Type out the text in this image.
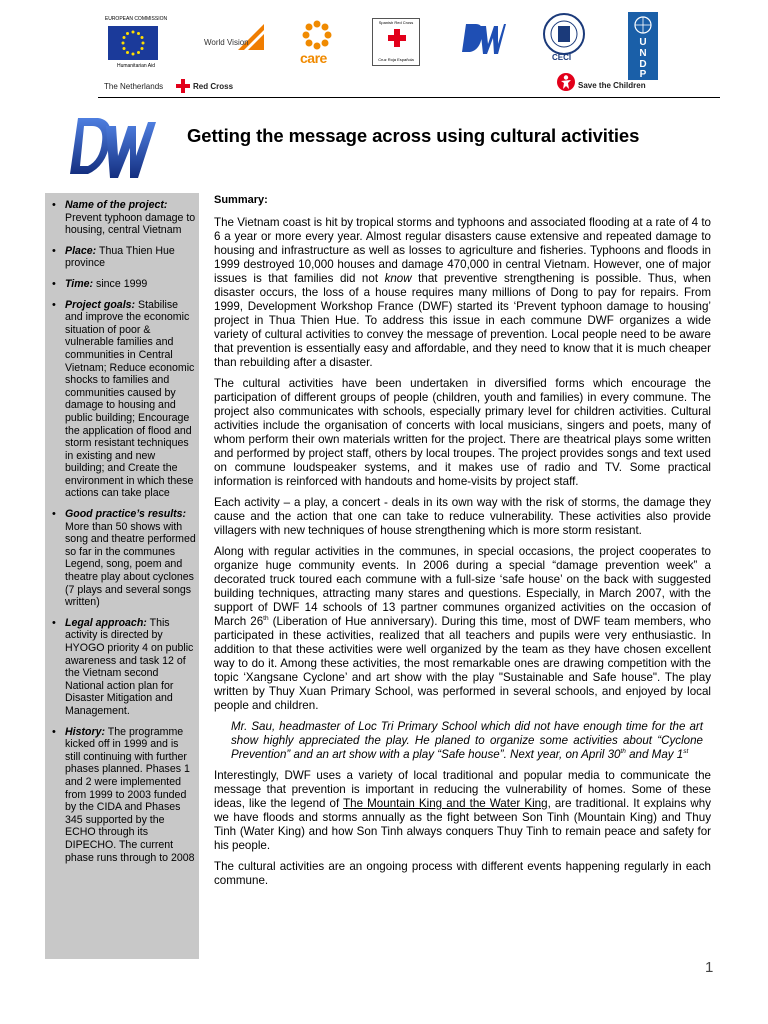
EUROPEAN COMMISSION
Humanitarian Aid
World Vision
care
Spanish Red Cross
Cruz Roja Española	CECI
U
N
D
P
The Netherlands	Red Cross	Save the Children
Getting the message across using cultural activities
• Name of the project: Prevent typhoon damage to housing, central Vietnam
• Place: Thua Thien Hue province
• Time: since 1999
• Project goals: Stabilise and improve the economic situation of poor & vulnerable families and communities in Central Vietnam; Reduce economic shocks to families and communities caused by damage to housing and public building; Encourage the application of flood and storm resistant techniques in existing and new building; and Create the environment in which these actions can take place
• Good practice’s results: More than 50 shows with song and theatre performed so far in the communes Legend, song, poem and theatre play about cyclones (7 plays and several songs written)
• Legal approach: This activity is directed by HYOGO priority 4 on public awareness and task 12 of the Vietnam second National action plan for Disaster Mitigation and Management.
• History: The programme kicked off in 1999 and is still continuing with further phases planned. Phases 1 and 2 were implemented from 1999 to 2003 funded by the CIDA and Phases 345 supported by the ECHO through its DIPECHO. The current phase runs through to 2008
Summary:

The Vietnam coast is hit by tropical storms and typhoons and associated flooding at a rate of 4 to 6 a year or more every year. Almost regular disasters cause extensive and repeated damage to housing and infrastructure as well as losses to agriculture and fisheries. Typhoons and floods in 1999 destroyed 10,000 houses and damage 470,000 in central Vietnam. However, one of major issues is that families did not know that preventive strengthening is possible. Thus, when disaster occurs, the loss of a house requires many millions of Dong to pay for repairs. From 1999, Development Workshop France (DWF) started its ‘Prevent typhoon damage to housing’ project in Thua Thien Hue. To address this issue in each commune DWF organizes a wide variety of cultural activities to convey the message of prevention. Local people need to be aware that prevention is essentially easy and affordable, and they need to know that it is much cheaper than rebuilding after a disaster.

The cultural activities have been undertaken in diversified forms which encourage the participation of different groups of people (children, youth and families) in every commune. The project also communicates with schools, especially primary level for children activities. Cultural activities include the organisation of concerts with local musicians, singers and poets, many of whom perform their own materials written for the project. There are theatrical plays some written and performed by project staff, others by local troupes. The project provides songs and text used on commune loudspeaker systems, and it makes use of radio and TV. Some practical information is reinforced with handouts and home-visits by project staff.

Each activity – a play, a concert - deals in its own way with the risk of storms, the damage they cause and the action that one can take to reduce vulnerability. These activities also provide villagers with new techniques of house strengthening which is more storm resistant.

Along with regular activities in the communes, in special occasions, the project cooperates to organize huge community events. In 2006 during a special “damage prevention week” a decorated truck toured each commune with a full-size ‘safe house’ on the back with suggested building techniques, attracting many stares and questions. Especially, in March 2007, with the support of DWF 14 schools of 13 partner communes organized activities on the occasion of March 26th (Liberation of Hue anniversary). During this time, most of DWF team members, who participated in these activities, realized that all teachers and pupils were very enthusiastic. In addition to that these activities were well organized by the team as they have chosen excellent way to do it. Among these activities, the most remarkable ones are drawing competition with the topic ‘Xangsane Cyclone’ and art show with the play "Sustainable and Safe house". The play written by Thuy Xuan Primary School, was performed in several schools, and enjoyed by local people and children.

Mr. Sau, headmaster of Loc Tri Primary School which did not have enough time for the art show highly appreciated the play. He planed to organize some activities about “Cyclone Prevention” and an art show with a play “Safe house”. Next year, on April 30th and May 1st

Interestingly, DWF uses a variety of local traditional and popular media to communicate the message that prevention is important in reducing the vulnerability of homes. Some of these ideas, like the legend of The Mountain King and the Water King, are traditional. It explains why we have floods and storms annually as the fight between Son Tinh (Mountain King) and Thuy Tinh (Water King) and how Son Tinh always conquers Thuy Tinh to remain peace and safety for his people.

The cultural activities are an ongoing process with different events happening regularly in each commune.

1
